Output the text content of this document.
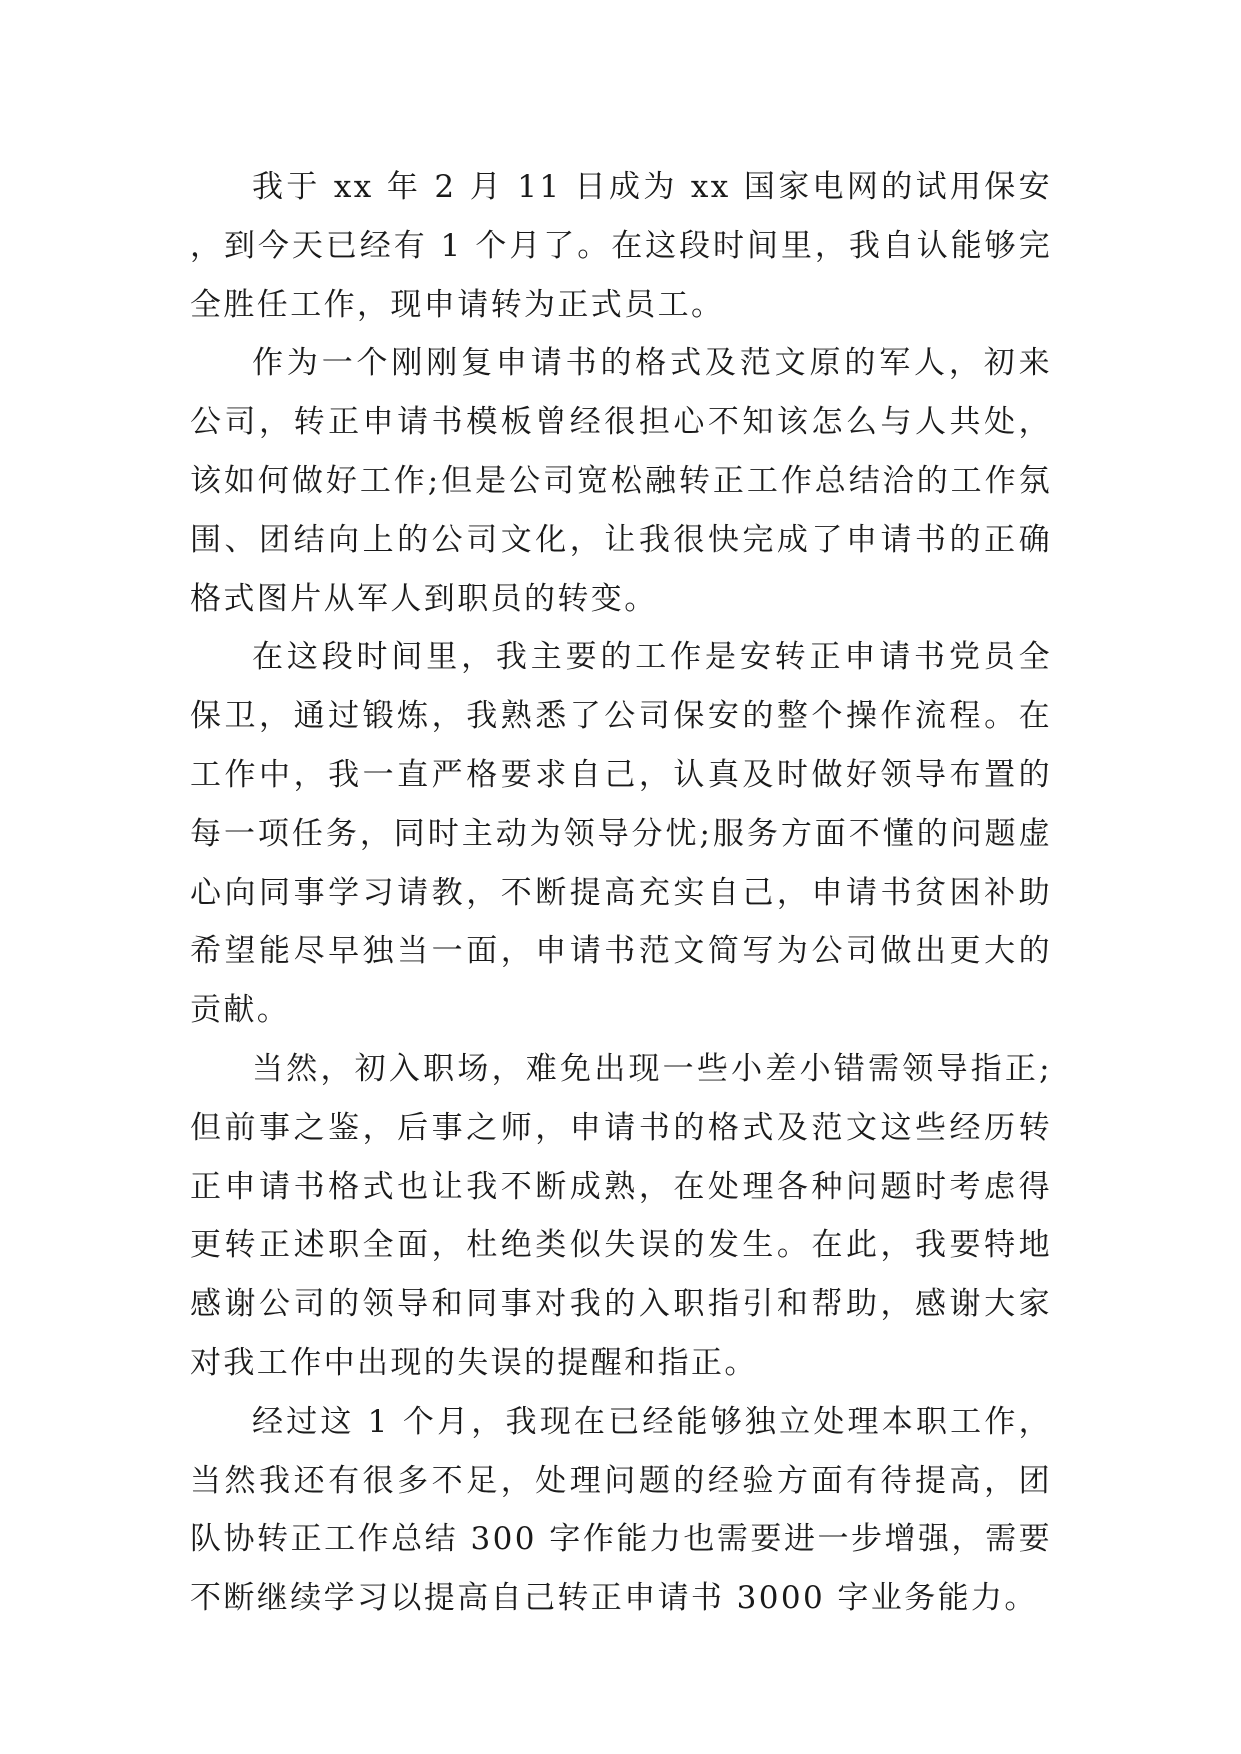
我于 xx 年 2 月 11 日成为 xx 国家电网的试用保安，到今天已经有 1 个月了。在这段时间里，我自认能够完全胜任工作，现申请转为正式员工。

作为一个刚刚复申请书的格式及范文原的军人，初来公司，转正申请书模板曾经很担心不知该怎么与人共处，该如何做好工作;但是公司宽松融转正工作总结洽的工作氛围、团结向上的公司文化，让我很快完成了申请书的正确格式图片从军人到职员的转变。

在这段时间里，我主要的工作是安转正申请书党员全保卫，通过锻炼，我熟悉了公司保安的整个操作流程。在工作中，我一直严格要求自己，认真及时做好领导布置的每一项任务，同时主动为领导分忧;服务方面不懂的问题虚心向同事学习请教，不断提高充实自己，申请书贫困补助希望能尽早独当一面，申请书范文简写为公司做出更大的贡献。

当然，初入职场，难免出现一些小差小错需领导指正;但前事之鉴，后事之师，申请书的格式及范文这些经历转正申请书格式也让我不断成熟，在处理各种问题时考虑得更转正述职全面，杜绝类似失误的发生。在此，我要特地感谢公司的领导和同事对我的入职指引和帮助，感谢大家对我工作中出现的失误的提醒和指正。

经过这 1 个月，我现在已经能够独立处理本职工作，当然我还有很多不足，处理问题的经验方面有待提高，团队协转正工作总结 300 字作能力也需要进一步增强，需要不断继续学习以提高自己转正申请书 3000 字业务能力。
